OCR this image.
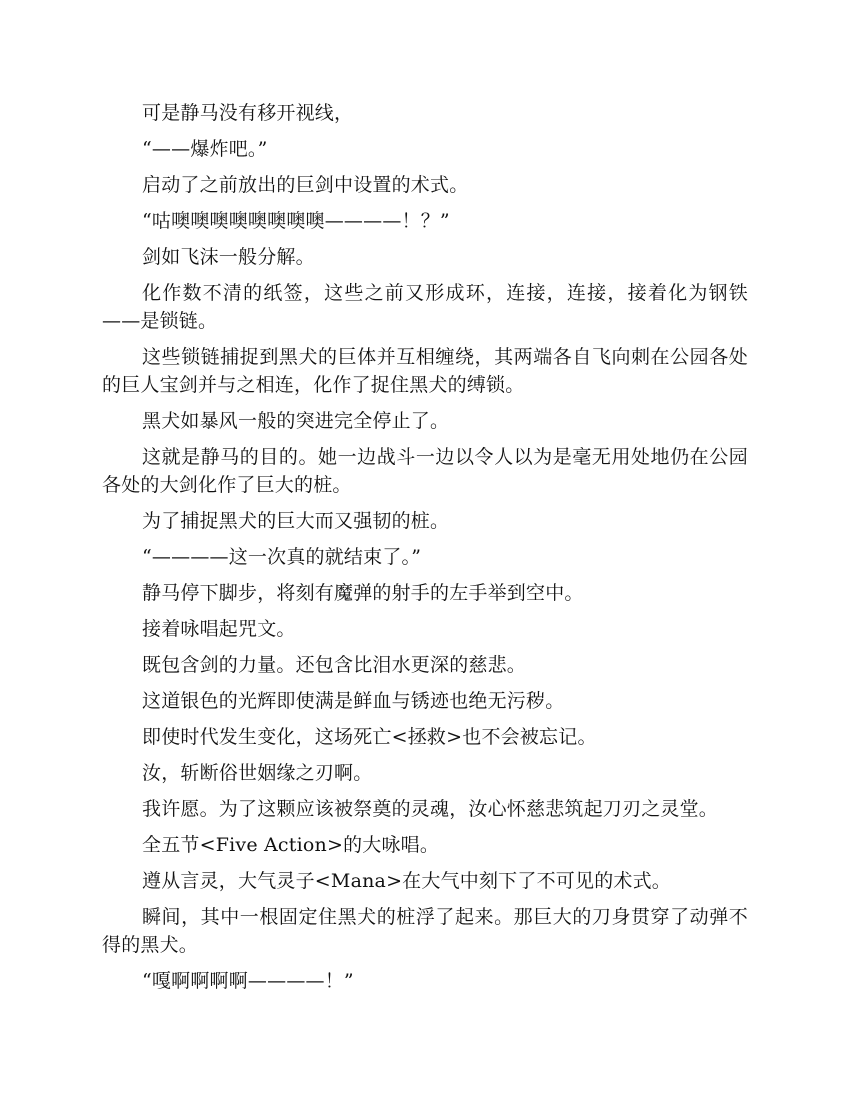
可是静马没有移开视线，

“——爆炸吧。”

启动了之前放出的巨剑中设置的术式。

“咕噢噢噢噢噢噢噢噢————！？”

剑如飞沫一般分解。

化作数不清的纸签，这些之前又形成环，连接，连接，接着化为钢铁——是锁链。

这些锁链捕捉到黑犬的巨体并互相缠绕，其两端各自飞向刺在公园各处的巨人宝剑并与之相连，化作了捉住黑犬的缚锁。

黑犬如暴风一般的突进完全停止了。

这就是静马的目的。她一边战斗一边以令人以为是毫无用处地仍在公园各处的大剑化作了巨大的桩。

为了捕捉黑犬的巨大而又强韧的桩。

“————这一次真的就结束了。”

静马停下脚步，将刻有魔弹的射手的左手举到空中。

接着咏唱起咒文。

既包含剑的力量。还包含比泪水更深的慈悲。

这道银色的光辉即使满是鲜血与锈迹也绝无污秽。

即使时代发生变化，这场死亡<拯救>也不会被忘记。

汝，斩断俗世姻缘之刃啊。

我许愿。为了这颗应该被祭奠的灵魂，汝心怀慈悲筑起刀刃之灵堂。

全五节<Five Action>的大咏唱。

遵从言灵，大气灵子<Mana>在大气中刻下了不可见的术式。

瞬间，其中一根固定住黑犬的桩浮了起来。那巨大的刀身贯穿了动弹不得的黑犬。

“嘎啊啊啊啊————！”
